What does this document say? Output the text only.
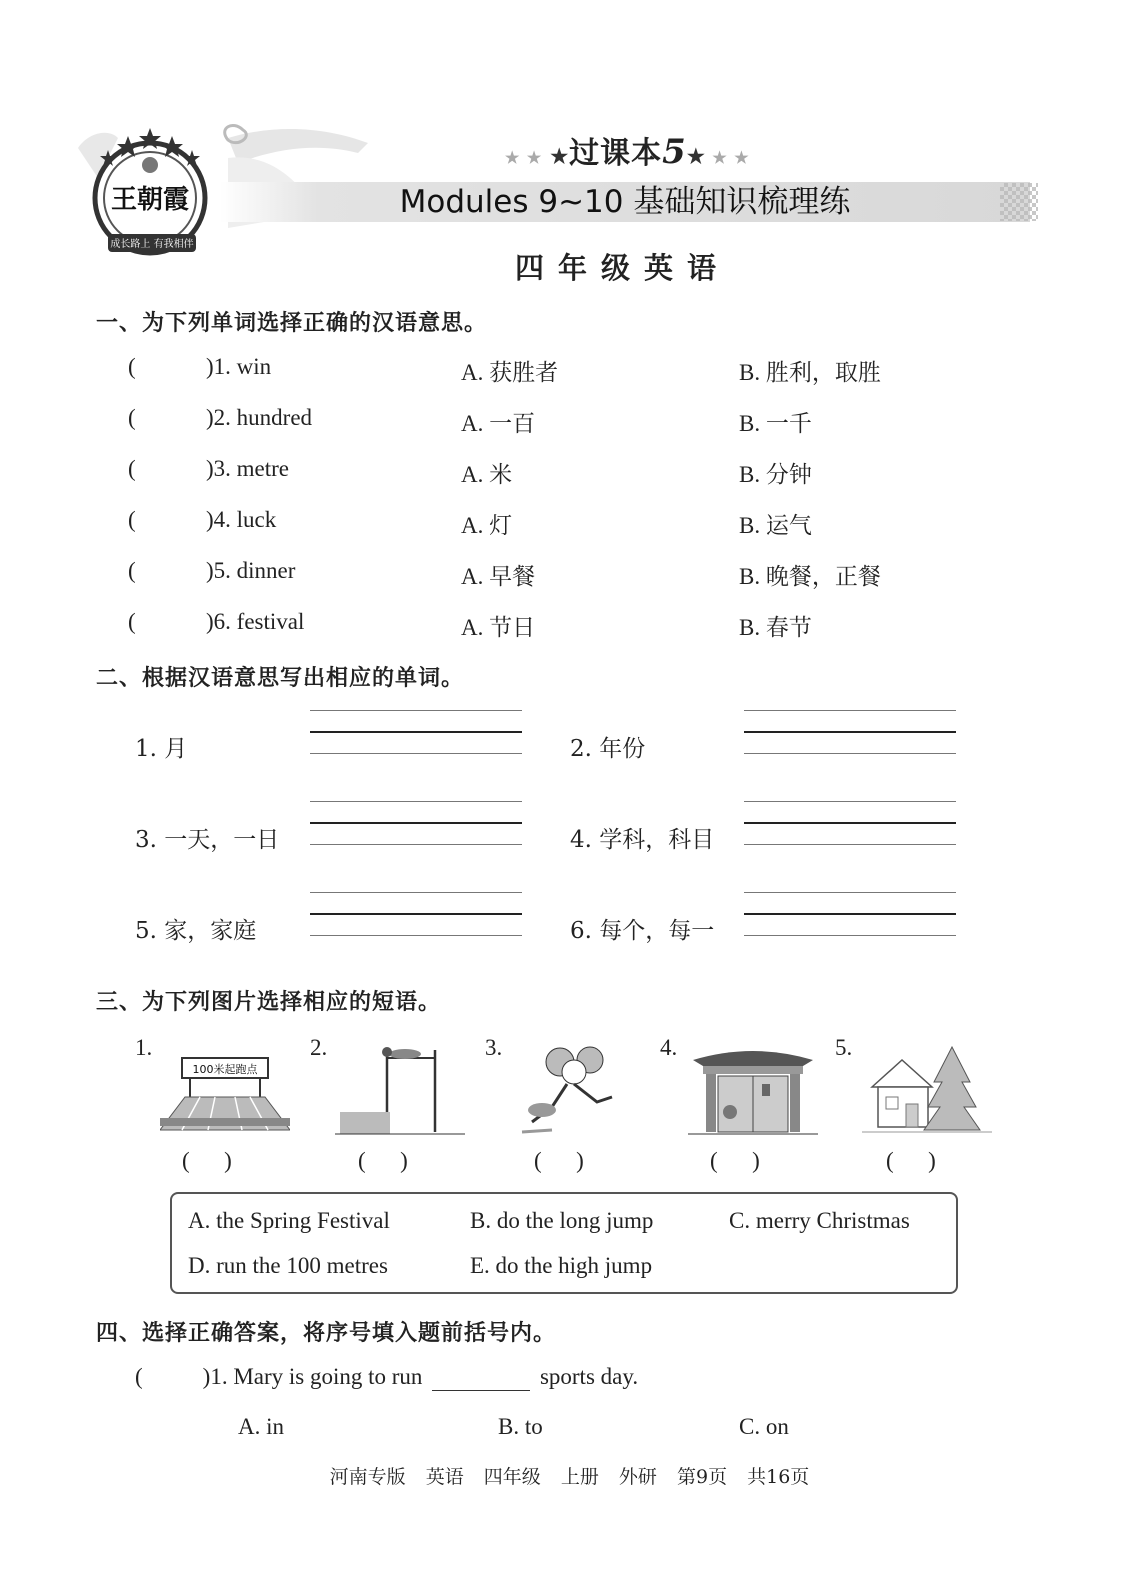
王朝霞
成长路上 有我相伴
★ ★ ★过课本5★ ★ ★
Modules 9~10 基础知识梳理练
四年级英语
一、为下列单词选择正确的汉语意思。
(	)1. win	A. 获胜者	B. 胜利，取胜
(	)2. hundred	A. 一百	B. 一千
(	)3. metre	A. 米	B. 分钟
(	)4. luck	A. 灯	B. 运气
(	)5. dinner	A. 早餐	B. 晚餐，正餐
(	)6. festival	A. 节日	B. 春节
二、根据汉语意思写出相应的单词。
1. 月	2. 年份
3. 一天，一日	4. 学科，科目
5. 家，家庭	6. 每个，每一
三、为下列图片选择相应的短语。
1.
100米起跑点
(      )
2.
(      )
3.
(      )
4.
(      )
5.
(      )
A. the Spring Festival	B. do the long jump	C. merry Christmas
D. run the 100 metres	E. do the high jump
四、选择正确答案，将序号填入题前括号内。
(	)1. Mary is going to run	sports day.
A. in	B. to	C. on
河南专版 英语 四年级 上册 外研 第9页 共16页
